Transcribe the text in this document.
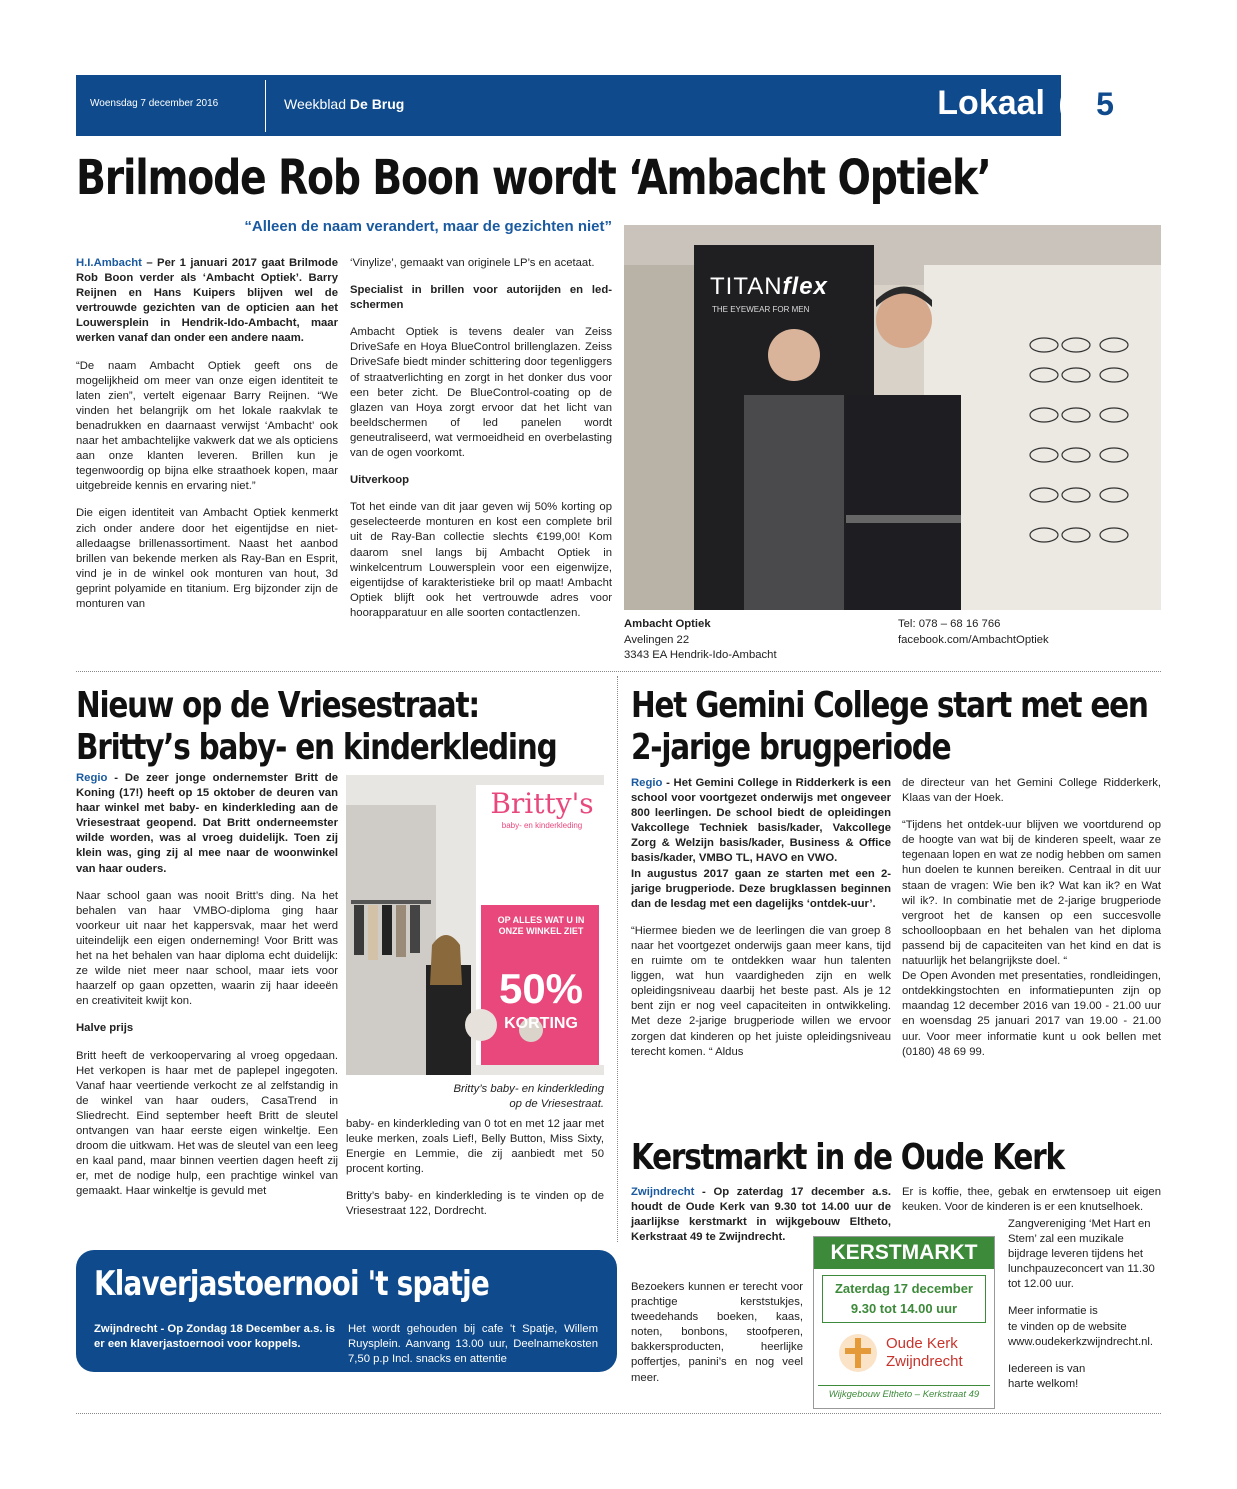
Woensdag 7 december 2016	Weekblad De Brug	Lokaal	5
Brilmode Rob Boon wordt ‘Ambacht Optiek’
“Alleen de naam verandert, maar de gezichten niet”

H.I.Ambacht – Per 1 januari 2017 gaat Brilmode Rob Boon verder als ‘Ambacht Optiek’. Barry Reijnen en Hans Kuipers blijven wel de vertrouwde gezichten van de opticien aan het Louwersplein in Hendrik-Ido-Ambacht, maar werken vanaf dan onder een andere naam.

“De naam Ambacht Optiek geeft ons de mogelijkheid om meer van onze eigen identiteit te laten zien”, vertelt eigenaar Barry Reijnen. “We vinden het belangrijk om het lokale raakvlak te benadrukken en daarnaast verwijst ‘Ambacht’ ook naar het ambachtelijke vakwerk dat we als opticiens aan onze klanten leveren. Brillen kun je tegenwoordig op bijna elke straathoek kopen, maar uitgebreide kennis en ervaring niet.”

Die eigen identiteit van Ambacht Optiek kenmerkt zich onder andere door het eigentijdse en niet-alledaagse brillenassortiment. Naast het aanbod brillen van bekende merken als Ray-Ban en Esprit, vind je in de winkel ook monturen van hout, 3d geprint polyamide en titanium. Erg bijzonder zijn de monturen van

‘Vinylize’, gemaakt van originele LP’s en acetaat.

Specialist in brillen voor autorijden en led-schermen

Ambacht Optiek is tevens dealer van Zeiss DriveSafe en Hoya BlueControl brillenglazen. Zeiss DriveSafe biedt minder schittering door tegenliggers of straatverlichting en zorgt in het donker dus voor een beter zicht. De BlueControl-coating op de glazen van Hoya zorgt ervoor dat het licht van beeldschermen of led panelen wordt geneutraliseerd, wat vermoeidheid en overbelasting van de ogen voorkomt.

Uitverkoop

Tot het einde van dit jaar geven wij 50% korting op geselecteerde monturen en kost een complete bril uit de Ray-Ban collectie slechts €199,00! Kom daarom snel langs bij Ambacht Optiek in winkelcentrum Louwersplein voor een eigenwijze, eigentijdse of karakteristieke bril op maat! Ambacht Optiek blijft ook het vertrouwde adres voor hoorapparatuur en alle soorten contactlenzen.

TITANflex
THE EYEWEAR FOR MEN
Ambacht Optiek
Avelingen 22
3343 EA Hendrik-Ido-Ambacht
Tel: 078 – 68 16 766
facebook.com/AmbachtOptiek
Nieuw op de Vriesestraat:
Britty’s baby- en kinderkleding

Regio - De zeer jonge ondernemster Britt de Koning (17!) heeft op 15 oktober de deuren van haar winkel met baby- en kinderkleding aan de Vriesestraat geopend. Dat Britt onderneemster wilde worden, was al vroeg duidelijk. Toen zij klein was, ging zij al mee naar de woonwinkel van haar ouders.

Naar school gaan was nooit Britt’s ding. Na het behalen van haar VMBO-diploma ging haar voorkeur uit naar het kappersvak, maar het werd uiteindelijk een eigen onderneming! Voor Britt was het na het behalen van haar diploma echt duidelijk: ze wilde niet meer naar school, maar iets voor haarzelf op gaan opzetten, waarin zij haar ideeën en creativiteit kwijt kon.

Halve prijs

Britt heeft de verkoopervaring al vroeg opgedaan. Het verkopen is haar met de paplepel ingegoten. Vanaf haar veertiende verkocht ze al zelfstandig in de winkel van haar ouders, CasaTrend in Sliedrecht. Eind september heeft Britt de sleutel ontvangen van haar eerste eigen winkeltje. Een droom die uitkwam. Het was de sleutel van een leeg en kaal pand, maar binnen veertien dagen heeft zij er, met de nodige hulp, een prachtige winkel van gemaakt. Haar winkeltje is gevuld met

Britty's
baby- en kinderkleding
OP ALLES WAT U IN ONZE WINKEL ZIET
50%
KORTING
Britty’s baby- en kinderkleding
op de Vriesestraat.

baby- en kinderkleding van 0 tot en met 12 jaar met leuke merken, zoals Lief!, Belly Button, Miss Sixty, Energie en Lemmie, die zij aanbiedt met 50 procent korting.

Britty’s baby- en kinderkleding is te vinden op de Vriesestraat 122, Dordrecht.

Het Gemini College start met een
2-jarige brugperiode

Regio - Het Gemini College in Ridderkerk is een school voor voortgezet onderwijs met ongeveer 800 leerlingen. De school biedt de opleidingen Vakcollege Techniek basis/kader, Vakcollege Zorg & Welzijn basis/kader, Business & Office basis/kader, VMBO TL, HAVO en VWO.

In augustus 2017 gaan ze starten met een 2-jarige brugperiode. Deze brugklassen beginnen dan de lesdag met een dagelijks ‘ontdek-uur’.

“Hiermee bieden we de leerlingen die van groep 8 naar het voortgezet onderwijs gaan meer kans, tijd en ruimte om te ontdekken waar hun talenten liggen, wat hun vaardigheden zijn en welk opleidingsniveau daarbij het beste past. Als je 12 bent zijn er nog veel capaciteiten in ontwikkeling. Met deze 2-jarige brugperiode willen we ervoor zorgen dat kinderen op het juiste opleidingsniveau terecht komen. “ Aldus

de directeur van het Gemini College Ridderkerk, Klaas van der Hoek.

“Tijdens het ontdek-uur blijven we voortdurend op de hoogte van wat bij de kinderen speelt, waar ze tegenaan lopen en wat ze nodig hebben om samen hun doelen te kunnen bereiken. Centraal in dit uur staan de vragen: Wie ben ik? Wat kan ik? en Wat wil ik?. In combinatie met de 2-jarige brugperiode vergroot het de kansen op een succesvolle schoolloopbaan en het behalen van het diploma passend bij de capaciteiten van het kind en dat is natuurlijk het belangrijkste doel. “

De Open Avonden met presentaties, rondleidingen, ontdekkingstochten en informatiepunten zijn op maandag 12 december 2016 van 19.00 - 21.00 uur en woensdag 25 januari 2017 van 19.00 - 21.00 uur. Voor meer informatie kunt u ook bellen met (0180) 48 69 99.

Kerstmarkt in de Oude Kerk

Zwijndrecht - Op zaterdag 17 december a.s. houdt de Oude Kerk van 9.30 tot 14.00 uur de jaarlijkse kerstmarkt in wijkgebouw Eltheto, Kerkstraat 49 te Zwijndrecht.

Bezoekers kunnen er terecht voor prachtige kerststukjes, tweedehands boeken, kaas, noten, bonbons, stoofperen, bakkersproducten, heerlijke poffertjes, panini’s en nog veel meer.

Er is koffie, thee, gebak en erwtensoep uit eigen keuken. Voor de kinderen is er een knutselhoek.

Zangvereniging ‘Met Hart en Stem’ zal een muzikale bijdrage leveren tijdens het lunchpauzeconcert van 11.30 tot 12.00 uur.

Meer informatie is
te vinden op de website
www.oudekerkzwijndrecht.nl.

Iedereen is van
harte welkom!

KERSTMARKT
Zaterdag 17 december
9.30 tot 14.00 uur
Oude Kerk
Zwijndrecht
Wijkgebouw Eltheto – Kerkstraat 49
Klaverjastoernooi 't spatje
Zwijndrecht - Op Zondag 18 December a.s. is er een klaverjastoernooi voor koppels.
Het wordt gehouden bij cafe 't Spatje, Willem Ruysplein. Aanvang 13.00 uur, Deelnamekosten 7,50 p.p Incl. snacks en attentie
